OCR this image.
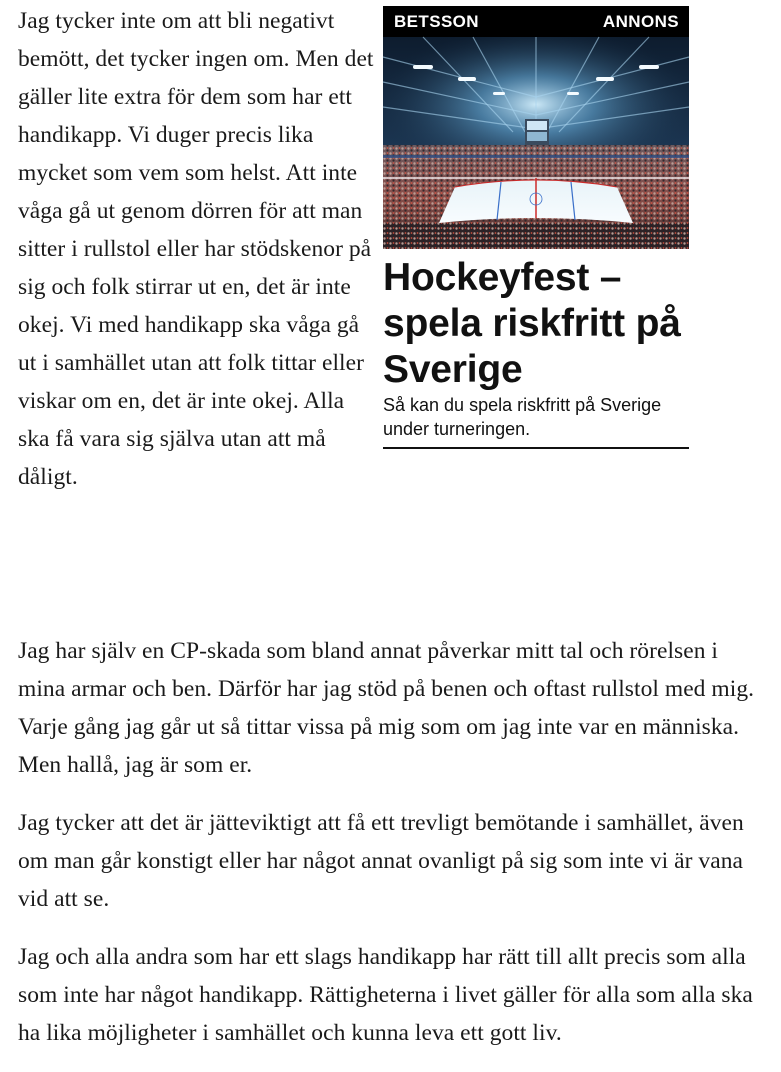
Jag tycker inte om att bli negativt bemött, det tycker ingen om. Men det gäller lite extra för dem som har ett handikapp. Vi duger precis lika mycket som vem som helst. Att inte våga gå ut genom dörren för att man sitter i rullstol eller har stödskenor på sig och folk stirrar ut en, det är inte okej. Vi med handikapp ska våga gå ut i samhället utan att folk tittar eller viskar om en, det är inte okej. Alla ska få vara sig själva utan att må dåligt.

BETSSON	ANNONS
Hockeyfest – spela riskfritt på Sverige

Så kan du spela riskfritt på Sverige under turneringen.

Jag har själv en CP-skada som bland annat påverkar mitt tal och rörelsen i mina armar och ben. Därför har jag stöd på benen och oftast rullstol med mig. Varje gång jag går ut så tittar vissa på mig som om jag inte var en människa. Men hallå, jag är som er.

Jag tycker att det är jätteviktigt att få ett trevligt bemötande i samhället, även om man går konstigt eller har något annat ovanligt på sig som inte vi är vana vid att se.

Jag och alla andra som har ett slags handikapp har rätt till allt precis som alla som inte har något handikapp. Rättigheterna i livet gäller för alla som alla ska ha lika möjligheter i samhället och kunna leva ett gott liv.
